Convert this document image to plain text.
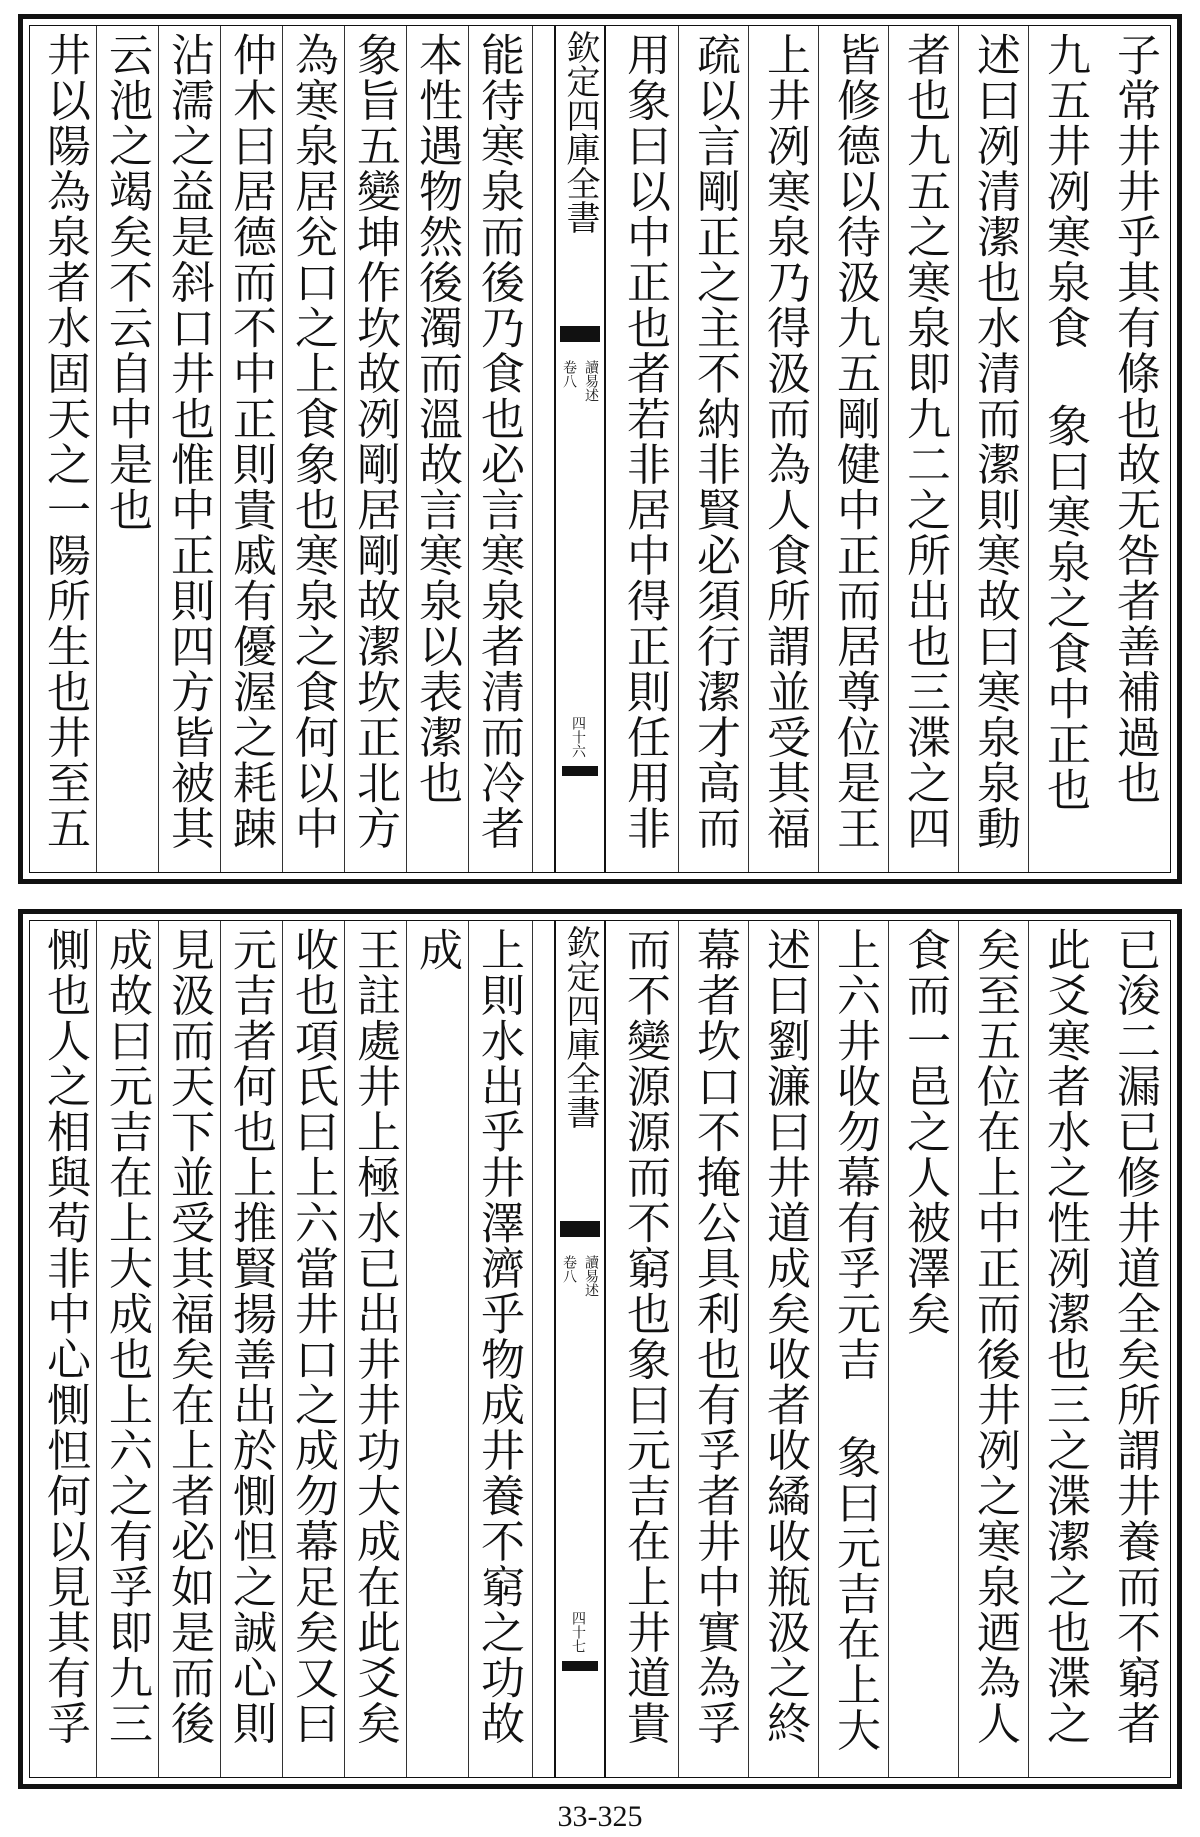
子常井井乎其有條也故无咎者善補過也
九五井冽寒泉食 象曰寒泉之食中正也
述曰冽清潔也水清而潔則寒故曰寒泉泉動
者也九五之寒泉即九二之所出也三渫之四
皆修德以待汲九五剛健中正而居尊位是王
上井冽寒泉乃得汲而為人食所謂並受其福
疏以言剛正之主不納非賢必須行潔才高而
用象曰以中正也者若非居中得正則任用非
欽定四庫全書
讀易述
卷八
四十六
能待寒泉而後乃食也必言寒泉者清而冷者
本性遇物然後濁而溫故言寒泉以表潔也
象旨五變坤作坎故冽剛居剛故潔坎正北方
為寒泉居兊口之上食象也寒泉之食何以中
仲木曰居德而不中正則貴戚有優渥之耗踈
沾濡之益是斜口井也惟中正則四方皆被其
云池之竭矣不云自中是也
井以陽為泉者水固天之一陽所生也井至五
已浚二漏已修井道全矣所謂井養而不窮者
此爻寒者水之性冽潔也三之渫潔之也渫之
矣至五位在上中正而後井冽之寒泉迺為人
食而一邑之人被澤矣
上六井收勿幕有孚元吉 象曰元吉在上大
述曰劉濂曰井道成矣收者收繘收瓶汲之終
幕者坎口不掩公具利也有孚者井中實為孚
而不變源源而不窮也象曰元吉在上井道貴
欽定四庫全書
讀易述
卷八
四十七
上則水出乎井澤濟乎物成井養不窮之功故
成
王註處井上極水已出井井功大成在此爻矣
收也項氏曰上六當井口之成勿幕足矣又曰
元吉者何也上推賢揚善出於惻怛之誠心則
見汲而天下並受其福矣在上者必如是而後
成故曰元吉在上大成也上六之有孚即九三
惻也人之相與苟非中心惻怛何以見其有孚
33-325
